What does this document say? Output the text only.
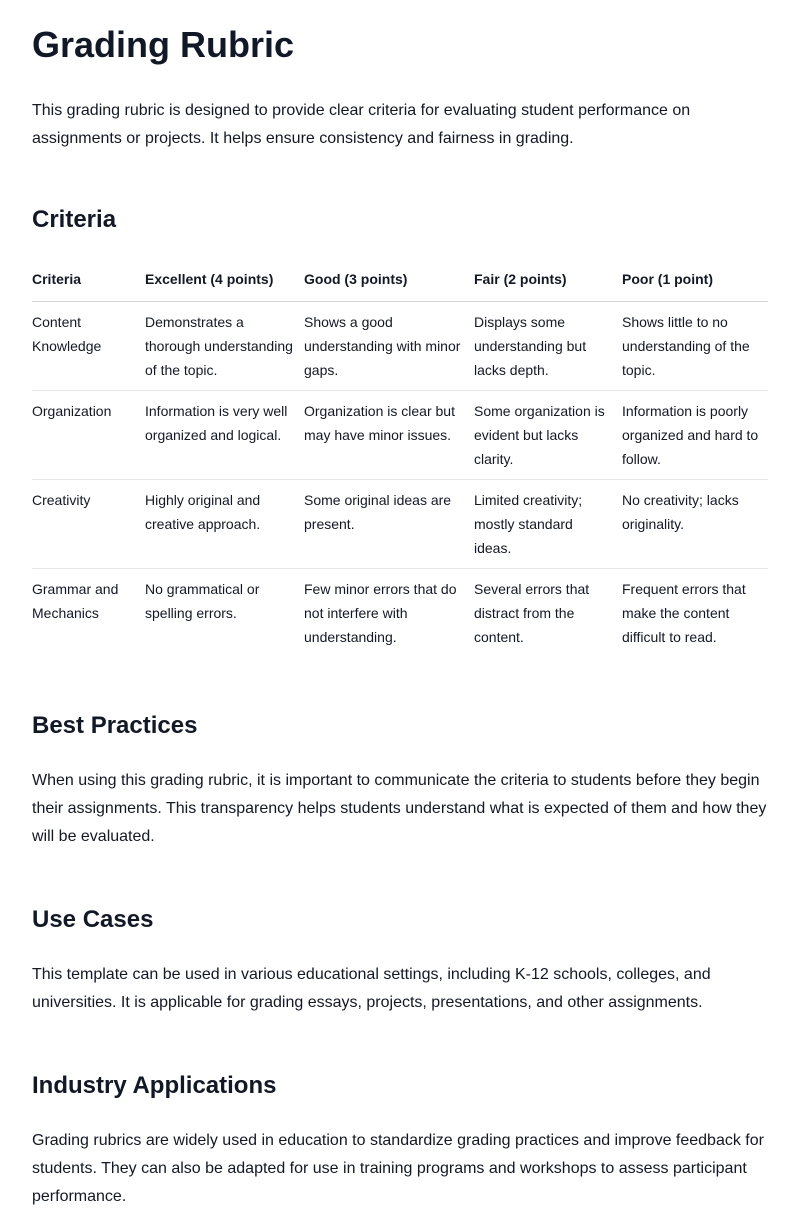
Grading Rubric

This grading rubric is designed to provide clear criteria for evaluating student performance on assignments or projects. It helps ensure consistency and fairness in grading.

Criteria
Criteria	Excellent (4 points)	Good (3 points)	Fair (2 points)	Poor (1 point)

Content Knowledge	Demonstrates a thorough understanding of the topic.	Shows a good understanding with minor gaps.	Displays some understanding but lacks depth.	Shows little to no understanding of the topic.

Organization	Information is very well organized and logical.	Organization is clear but may have minor issues.	Some organization is evident but lacks clarity.	Information is poorly organized and hard to follow.

Creativity	Highly original and creative approach.	Some original ideas are present.	Limited creativity; mostly standard ideas.	No creativity; lacks originality.

Grammar and Mechanics	No grammatical or spelling errors.	Few minor errors that do not interfere with understanding.	Several errors that distract from the content.	Frequent errors that make the content difficult to read.
Best Practices

When using this grading rubric, it is important to communicate the criteria to students before they begin their assignments. This transparency helps students understand what is expected of them and how they will be evaluated.

Use Cases

This template can be used in various educational settings, including K-12 schools, colleges, and universities. It is applicable for grading essays, projects, presentations, and other assignments.

Industry Applications

Grading rubrics are widely used in education to standardize grading practices and improve feedback for students. They can also be adapted for use in training programs and workshops to assess participant performance.
